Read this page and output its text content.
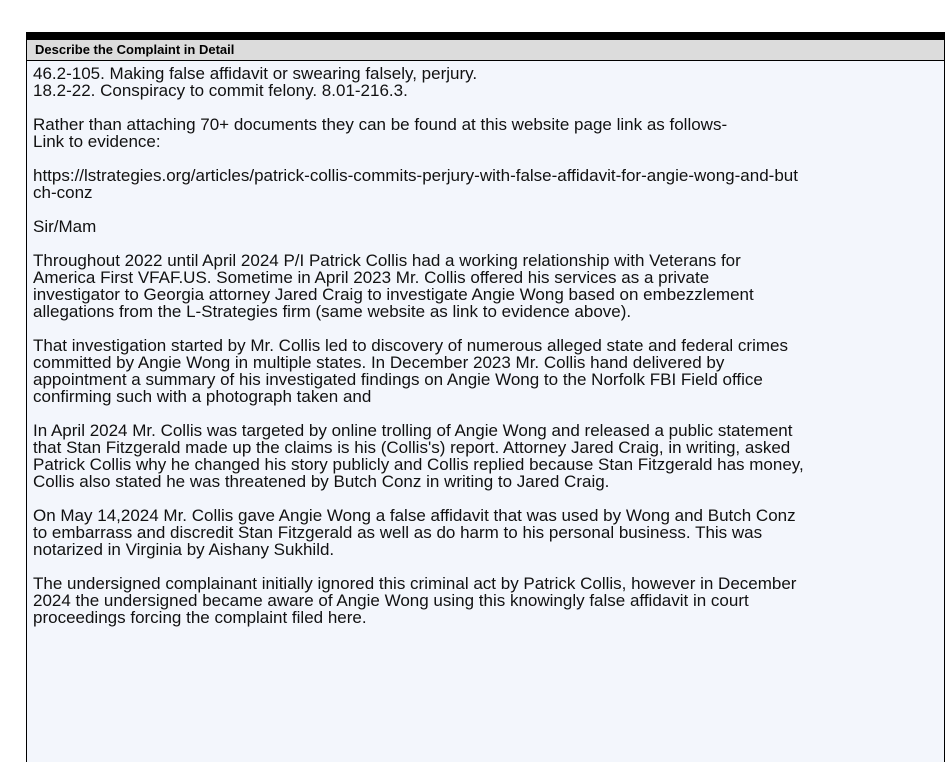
Describe the Complaint in Detail
46.2-105. Making false affidavit or swearing falsely, perjury.
18.2-22. Conspiracy to commit felony. 8.01-216.3.
Rather than attaching 70+ documents they can be found at this website page link as follows-
Link to evidence:
https://lstrategies.org/articles/patrick-collis-commits-perjury-with-false-affidavit-for-angie-wong-and-but
ch-conz
Sir/Mam
Throughout 2022 until April 2024 P/I Patrick Collis had a working relationship with Veterans for
America First VFAF.US. Sometime in April 2023 Mr. Collis offered his services as a private
investigator to Georgia attorney Jared Craig to investigate Angie Wong based on embezzlement
allegations from the L-Strategies firm (same website as link to evidence above).
That investigation started by Mr. Collis led to discovery of numerous alleged state and federal crimes
committed by Angie Wong in multiple states. In December 2023 Mr. Collis hand delivered by
appointment a summary of his investigated findings on Angie Wong to the Norfolk FBI Field office
confirming such with a photograph taken and
In April 2024 Mr. Collis was targeted by online trolling of Angie Wong and released a public statement
that Stan Fitzgerald made up the claims is his (Collis's) report. Attorney Jared Craig, in writing, asked
Patrick Collis why he changed his story publicly and Collis replied because Stan Fitzgerald has money,
Collis also stated he was threatened by Butch Conz in writing to Jared Craig.
On May 14,2024 Mr. Collis gave Angie Wong a false affidavit that was used by Wong and Butch Conz
to embarrass and discredit Stan Fitzgerald as well as do harm to his personal business. This was
notarized in Virginia by Aishany Sukhild.
The undersigned complainant initially ignored this criminal act by Patrick Collis, however in December
2024 the undersigned became aware of Angie Wong using this knowingly false affidavit in court
proceedings forcing the complaint filed here.
